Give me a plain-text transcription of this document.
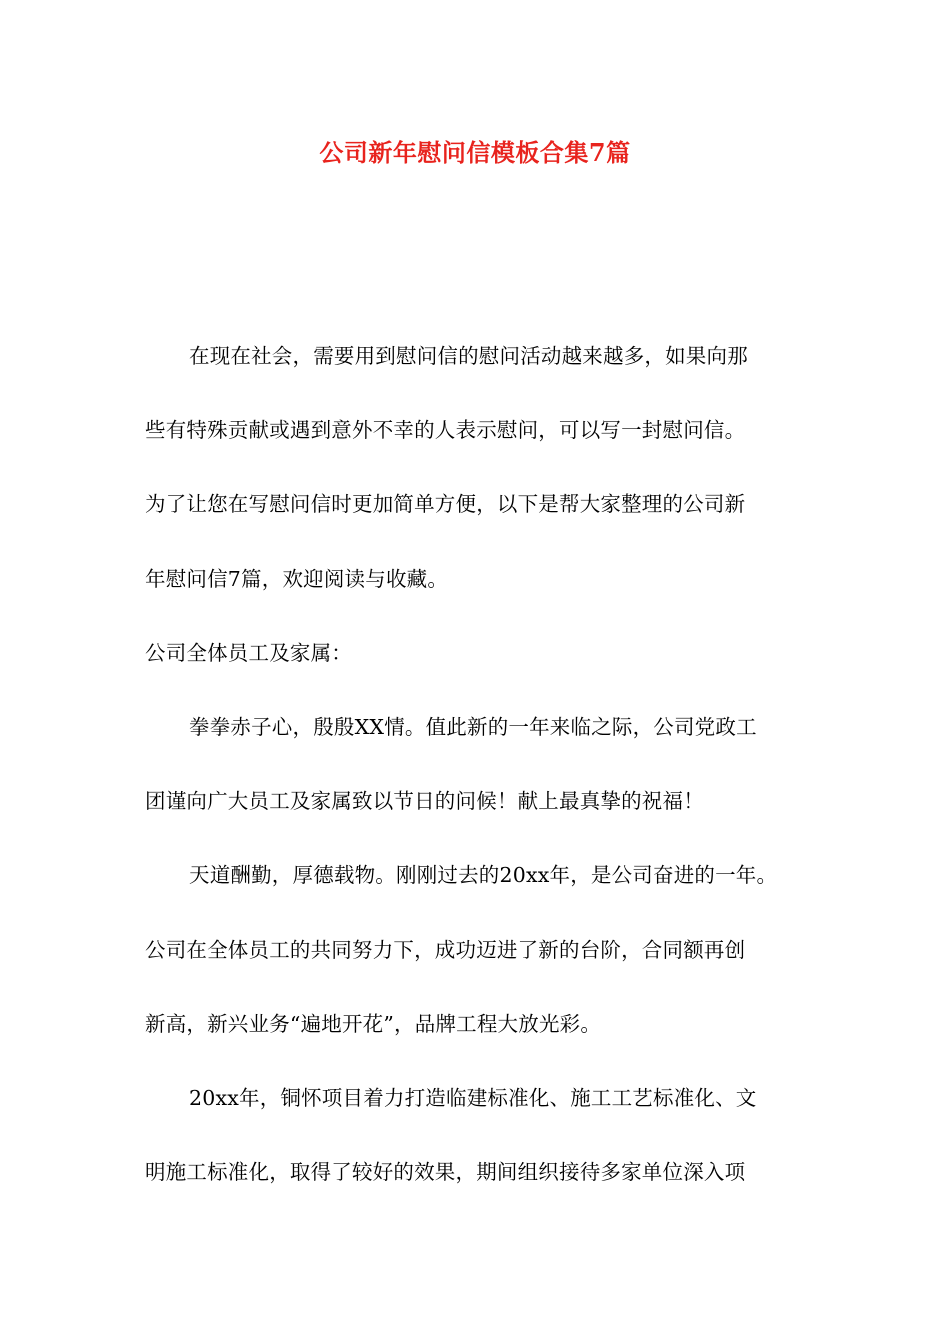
公司新年慰问信模板合集7篇
在现在社会，需要用到慰问信的慰问活动越来越多，如果向那
些有特殊贡献或遇到意外不幸的人表示慰问，可以写一封慰问信。
为了让您在写慰问信时更加简单方便，以下是帮大家整理的公司新
年慰问信7篇，欢迎阅读与收藏。
公司全体员工及家属：
拳拳赤子心，殷殷XX情。值此新的一年来临之际，公司党政工
团谨向广大员工及家属致以节日的问候！献上最真挚的祝福！
天道酬勤，厚德载物。刚刚过去的20xx年，是公司奋进的一年。
公司在全体员工的共同努力下，成功迈进了新的台阶，合同额再创
新高，新兴业务“遍地开花”，品牌工程大放光彩。
20xx年，铜怀项目着力打造临建标准化、施工工艺标准化、文
明施工标准化，取得了较好的效果，期间组织接待多家单位深入项
